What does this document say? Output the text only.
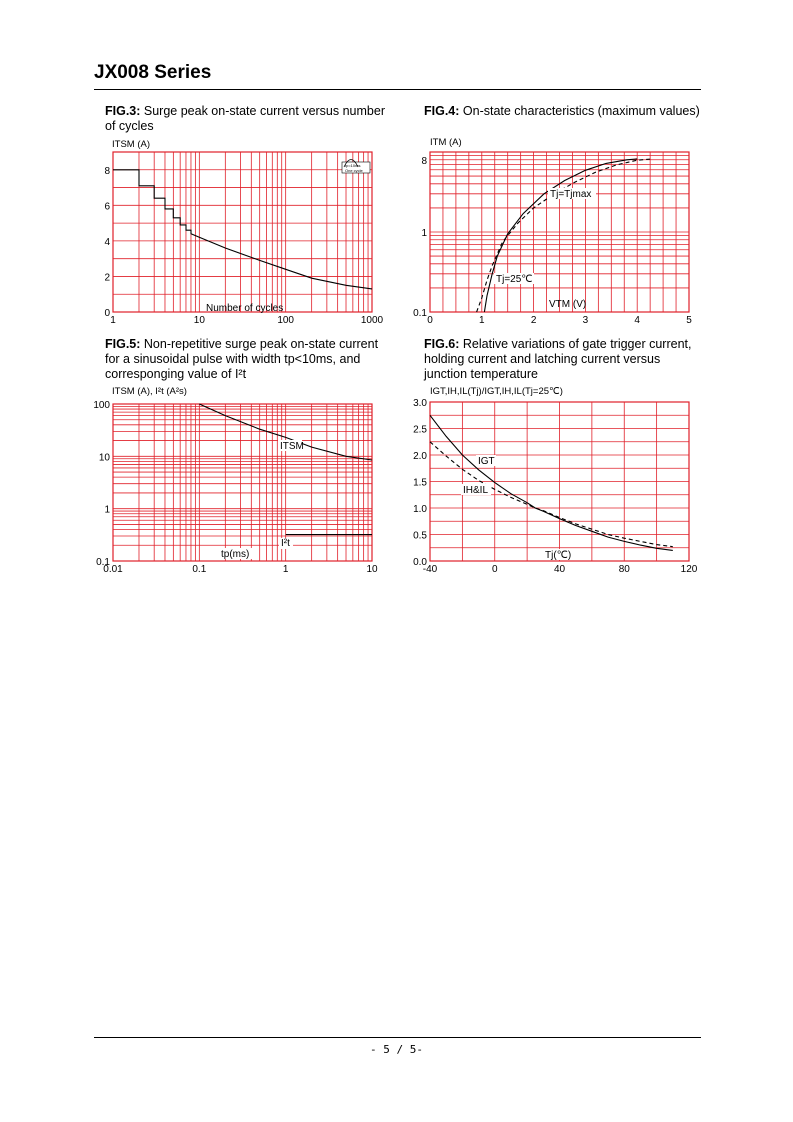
JX008 Series
FIG.3: Surge peak on-state current versus number of cycles
FIG.4: On-state characteristics (maximum values)
FIG.5: Non-repetitive surge peak on-state current for a sinusoidal pulse with width tp<10ms, and corresponging value of I²t
FIG.6: Relative variations of gate trigger current, holding current and latching current versus junction temperature
1	10	100	1000
0
2
4
6
8
ITSM (A)
Number of cycles
tp=10ms
One cycle
0	1	2	3	4	5
0.1
1
8
ITM (A)
VTM (V)
Tj=Tjmax
Tj=25℃
0.01	0.1	1	10
0.1
1
10
100
ITSM (A), I²t (A²s)
tp(ms)
ITSM
I²t
-40	0	40	80	120
0.0
0.5
1.0
1.5
2.0
2.5
3.0
IGT,IH,IL(Tj)/IGT,IH,IL(Tj=25℃)
Tj(℃)
IGT
IH&IL
- 5 / 5-
